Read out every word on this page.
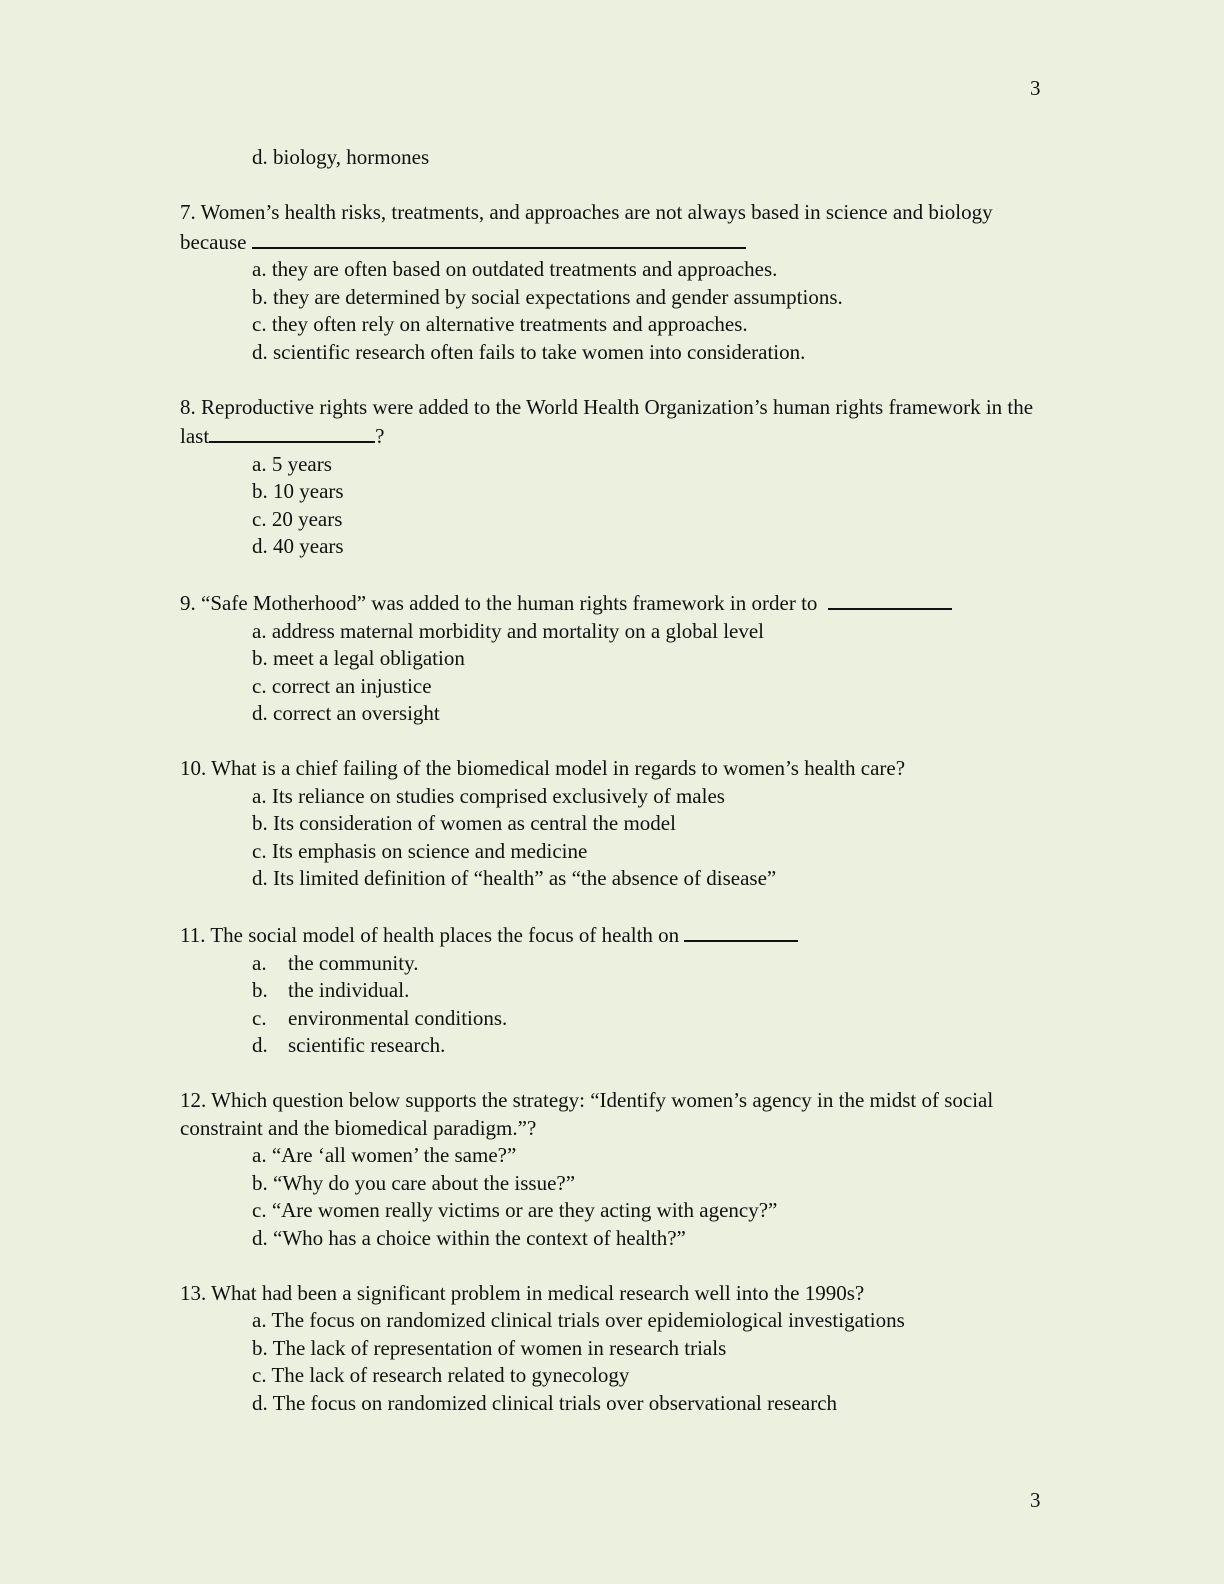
3
d. biology, hormones

7. Women’s health risks, treatments, and approaches are not always based in science and biology because

a. they are often based on outdated treatments and approaches.
b. they are determined by social expectations and gender assumptions.
c. they often rely on alternative treatments and approaches.
d. scientific research often fails to take women into consideration.

8. Reproductive rights were added to the World Health Organization’s human rights framework in the last	?

a. 5 years
b. 10 years
c. 20 years
d. 40 years

9. “Safe Motherhood” was added to the human rights framework in order to

a. address maternal morbidity and mortality on a global level
b. meet a legal obligation
c. correct an injustice
d. correct an oversight

10. What is a chief failing of the biomedical model in regards to women’s health care?

a. Its reliance on studies comprised exclusively of males
b. Its consideration of women as central the model
c. Its emphasis on science and medicine
d. Its limited definition of “health” as “the absence of disease”

11. The social model of health places the focus of health on

a. the community.
b. the individual.
c. environmental conditions.
d. scientific research.

12. Which question below supports the strategy: “Identify women’s agency in the midst of social constraint and the biomedical paradigm.”?

a. “Are ‘all women’ the same?”
b. “Why do you care about the issue?”
c. “Are women really victims or are they acting with agency?”
d. “Who has a choice within the context of health?”

13. What had been a significant problem in medical research well into the 1990s?

a. The focus on randomized clinical trials over epidemiological investigations
b. The lack of representation of women in research trials
c. The lack of research related to gynecology
d. The focus on randomized clinical trials over observational research
3
